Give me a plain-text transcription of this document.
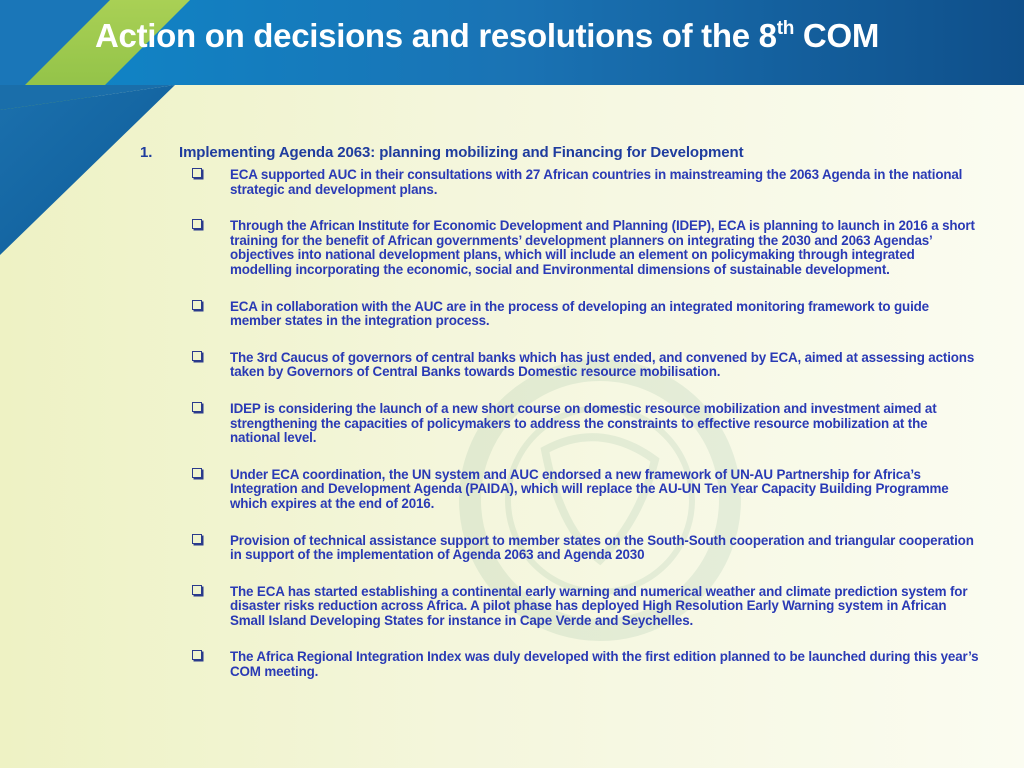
Action on decisions and resolutions of the 8th COM
1.	Implementing Agenda 2063: planning mobilizing and Financing for Development
ECA supported AUC in their consultations with 27 African countries in mainstreaming the 2063 Agenda in the national strategic and development plans.
Through the African Institute for Economic Development and Planning (IDEP), ECA is planning to launch in 2016 a short training for the benefit of African governments’ development planners on integrating the 2030 and 2063 Agendas’ objectives into national development plans, which will include an element on policymaking through integrated modelling incorporating the economic, social and Environmental dimensions of sustainable development.
ECA in collaboration with the AUC are in the process of developing an integrated monitoring framework to guide member states in the integration process.
The 3rd Caucus of governors of central banks which has just ended, and convened by ECA, aimed at assessing actions taken by Governors of Central Banks towards Domestic resource mobilisation.
IDEP is considering the launch of a new short course on domestic resource mobilization and investment aimed at strengthening the capacities of policymakers to address the constraints to effective resource mobilization at the national level.
Under ECA coordination, the UN system and AUC endorsed a new framework of UN-AU Partnership for Africa’s Integration and Development Agenda (PAIDA), which will replace the AU-UN Ten Year Capacity Building Programme which expires at the end of 2016.
Provision of technical assistance support to member states on the South-South cooperation and triangular cooperation in support of the implementation of Agenda 2063 and Agenda 2030
The ECA has started establishing a continental early warning and numerical weather and climate prediction system for disaster risks reduction across Africa. A pilot phase has deployed High Resolution Early Warning system in African Small Island Developing States for instance in Cape Verde and Seychelles.
The Africa Regional Integration Index was duly developed with the first edition planned to be launched during this year’s COM meeting.
